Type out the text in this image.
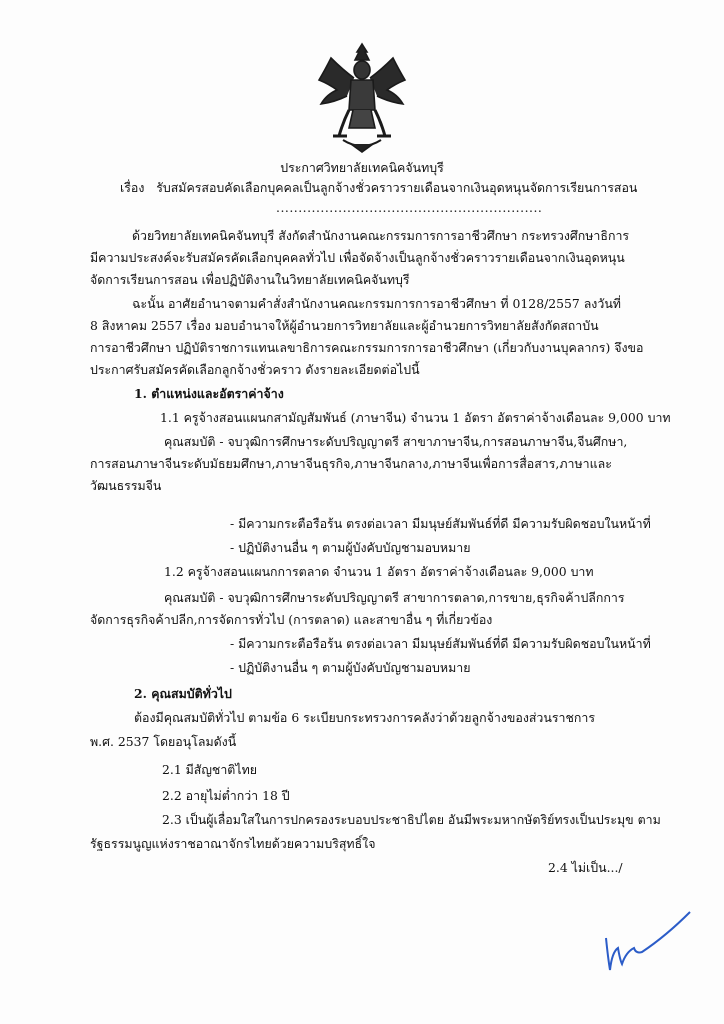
ประกาศวิทยาลัยเทคนิคจันทบุรี
เรื่อง รับสมัครสอบคัดเลือกบุคคลเป็นลูกจ้างชั่วคราวรายเดือนจากเงินอุดหนุนจัดการเรียนการสอน
............................................................
ด้วยวิทยาลัยเทคนิคจันทบุรี สังกัดสำนักงานคณะกรรมการการอาชีวศึกษา กระทรวงศึกษาธิการ
มีความประสงค์จะรับสมัครคัดเลือกบุคคลทั่วไป เพื่อจัดจ้างเป็นลูกจ้างชั่วคราวรายเดือนจากเงินอุดหนุน
จัดการเรียนการสอน เพื่อปฏิบัติงานในวิทยาลัยเทคนิคจันทบุรี
ฉะนั้น อาศัยอำนาจตามคำสั่งสำนักงานคณะกรรมการการอาชีวศึกษา ที่ 0128/2557 ลงวันที่
8 สิงหาคม 2557 เรื่อง มอบอำนาจให้ผู้อำนวยการวิทยาลัยและผู้อำนวยการวิทยาลัยสังกัดสถาบัน
การอาชีวศึกษา ปฏิบัติราชการแทนเลขาธิการคณะกรรมการการอาชีวศึกษา (เกี่ยวกับงานบุคลากร) จึงขอ
ประกาศรับสมัครคัดเลือกลูกจ้างชั่วคราว ดังรายละเอียดต่อไปนี้
1. ตำแหน่งและอัตราค่าจ้าง
1.1 ครูจ้างสอนแผนกสามัญสัมพันธ์ (ภาษาจีน) จำนวน 1 อัตรา อัตราค่าจ้างเดือนละ 9,000 บาท
คุณสมบัติ - จบวุฒิการศึกษาระดับปริญญาตรี สาขาภาษาจีน,การสอนภาษาจีน,จีนศึกษา,
การสอนภาษาจีนระดับมัธยมศึกษา,ภาษาจีนธุรกิจ,ภาษาจีนกลาง,ภาษาจีนเพื่อการสื่อสาร,ภาษาและ
วัฒนธรรมจีน
- มีความกระตือรือร้น ตรงต่อเวลา มีมนุษย์สัมพันธ์ที่ดี มีความรับผิดชอบในหน้าที่
- ปฏิบัติงานอื่น ๆ ตามผู้บังคับบัญชามอบหมาย
1.2 ครูจ้างสอนแผนกการตลาด จำนวน 1 อัตรา อัตราค่าจ้างเดือนละ 9,000 บาท
คุณสมบัติ - จบวุฒิการศึกษาระดับปริญญาตรี สาขาการตลาด,การขาย,ธุรกิจค้าปลีกการ
จัดการธุรกิจค้าปลีก,การจัดการทั่วไป (การตลาด) และสาขาอื่น ๆ ที่เกี่ยวข้อง
- มีความกระตือรือร้น ตรงต่อเวลา มีมนุษย์สัมพันธ์ที่ดี มีความรับผิดชอบในหน้าที่
- ปฏิบัติงานอื่น ๆ ตามผู้บังคับบัญชามอบหมาย
2. คุณสมบัติทั่วไป
ต้องมีคุณสมบัติทั่วไป ตามข้อ 6 ระเบียบกระทรวงการคลังว่าด้วยลูกจ้างของส่วนราชการ
พ.ศ. 2537 โดยอนุโลมดังนี้
2.1 มีสัญชาติไทย
2.2 อายุไม่ต่ำกว่า 18 ปี
2.3 เป็นผู้เลื่อมใสในการปกครองระบอบประชาธิปไตย อันมีพระมหากษัตริย์ทรงเป็นประมุข ตาม
รัฐธรรมนูญแห่งราชอาณาจักรไทยด้วยความบริสุทธิ์ใจ
2.4 ไม่เป็น.../
